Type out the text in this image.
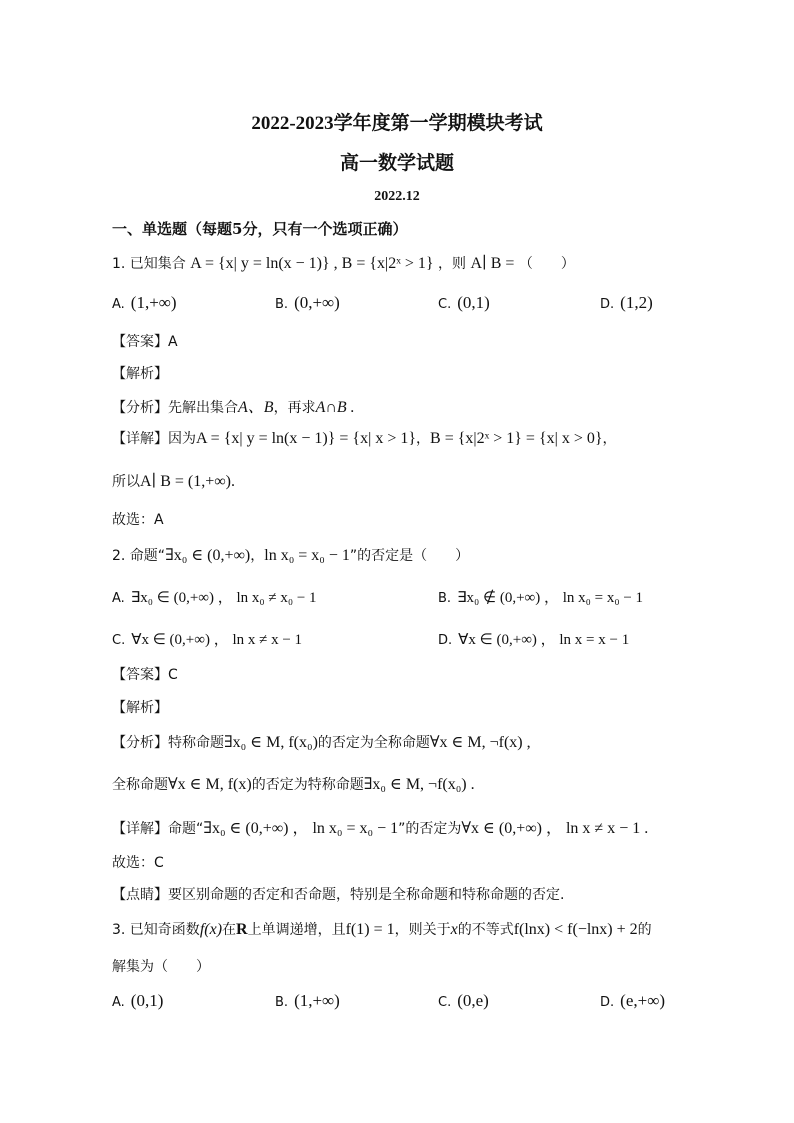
2022-2023学年度第一学期模块考试
高一数学试题
2022.12
一、单选题（每题5分，只有一个选项正确）
1. 已知集合 A = {x| y = ln(x − 1)} , B = {x|2ˣ > 1} ，则 A∣ B = （　　）
A. (1,+∞)	B. (0,+∞)	C. (0,1)	D. (1,2)
【答案】A
【解析】
【分析】先解出集合A、B，再求A∩B .
【详解】因为A = {x| y = ln(x − 1)} = {x| x > 1}，B = {x|2ˣ > 1} = {x| x > 0}，
所以A∣ B = (1,+∞).
故选：A
2. 命题“∃x₀ ∈ (0,+∞)，ln x₀ = x₀ − 1”的否定是（　　）
A. ∃x₀ ∈ (0,+∞) ， ln x₀ ≠ x₀ − 1	B. ∃x₀ ∉ (0,+∞) ， ln x₀ = x₀ − 1
C. ∀x ∈ (0,+∞) ， ln x ≠ x − 1	D. ∀x ∈ (0,+∞) ， ln x = x − 1
【答案】C
【解析】
【分析】特称命题∃x₀ ∈ M, f(x₀)的否定为全称命题∀x ∈ M, ¬f(x) ,
全称命题∀x ∈ M, f(x)的否定为特称命题∃x₀ ∈ M, ¬f(x₀) .
【详解】命题“∃x₀ ∈ (0,+∞) ， ln x₀ = x₀ − 1”的否定为∀x ∈ (0,+∞) ， ln x ≠ x − 1 .
故选：C
【点睛】要区别命题的否定和否命题，特别是全称命题和特称命题的否定.
3. 已知奇函数f(x)在R上单调递增，且f(1) = 1，则关于x的不等式f(lnx) < f(−lnx) + 2的
解集为（　　）
A. (0,1)	B. (1,+∞)	C. (0,e)	D. (e,+∞)
